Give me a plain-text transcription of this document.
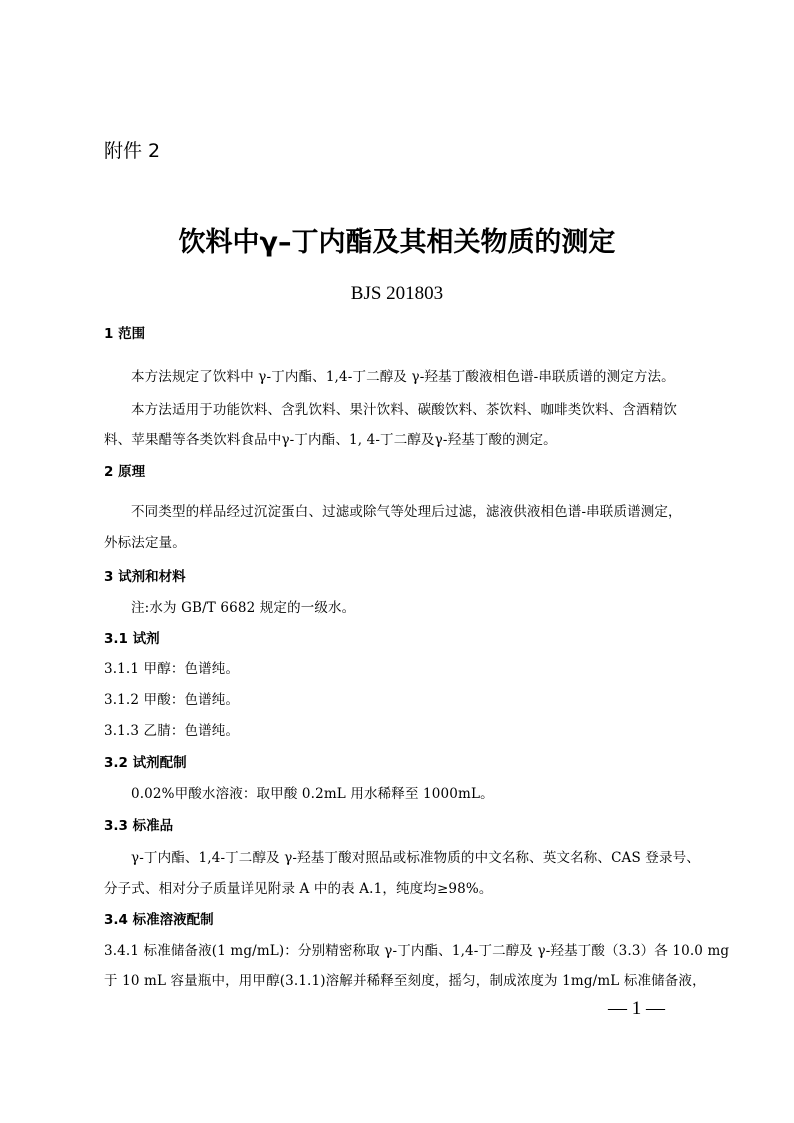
附件 2
饮料中γ–丁内酯及其相关物质的测定
BJS 201803
1 范围
本方法规定了饮料中 γ-丁内酯、1,4-丁二醇及 γ-羟基丁酸液相色谱-串联质谱的测定方法。
本方法适用于功能饮料、含乳饮料、果汁饮料、碳酸饮料、茶饮料、咖啡类饮料、含酒精饮
料、苹果醋等各类饮料食品中γ-丁内酯、1, 4-丁二醇及γ-羟基丁酸的测定。
2 原理
不同类型的样品经过沉淀蛋白、过滤或除气等处理后过滤，滤液供液相色谱-串联质谱测定，
外标法定量。
3 试剂和材料
注:水为 GB/T 6682 规定的一级水。
3.1 试剂
3.1.1 甲醇：色谱纯。
3.1.2 甲酸：色谱纯。
3.1.3 乙腈：色谱纯。
3.2 试剂配制
0.02%甲酸水溶液：取甲酸 0.2mL 用水稀释至 1000mL。
3.3 标准品
γ-丁内酯、1,4-丁二醇及 γ-羟基丁酸对照品或标准物质的中文名称、英文名称、CAS 登录号、
分子式、相对分子质量详见附录 A 中的表 A.1，纯度均≥98%。
3.4 标准溶液配制
3.4.1 标准储备液(1 mg/mL)：分别精密称取 γ-丁内酯、1,4-丁二醇及 γ-羟基丁酸（3.3）各 10.0 mg
于 10 mL 容量瓶中，用甲醇(3.1.1)溶解并稀释至刻度，摇匀，制成浓度为 1mg/mL 标准储备液，
— 1 —
